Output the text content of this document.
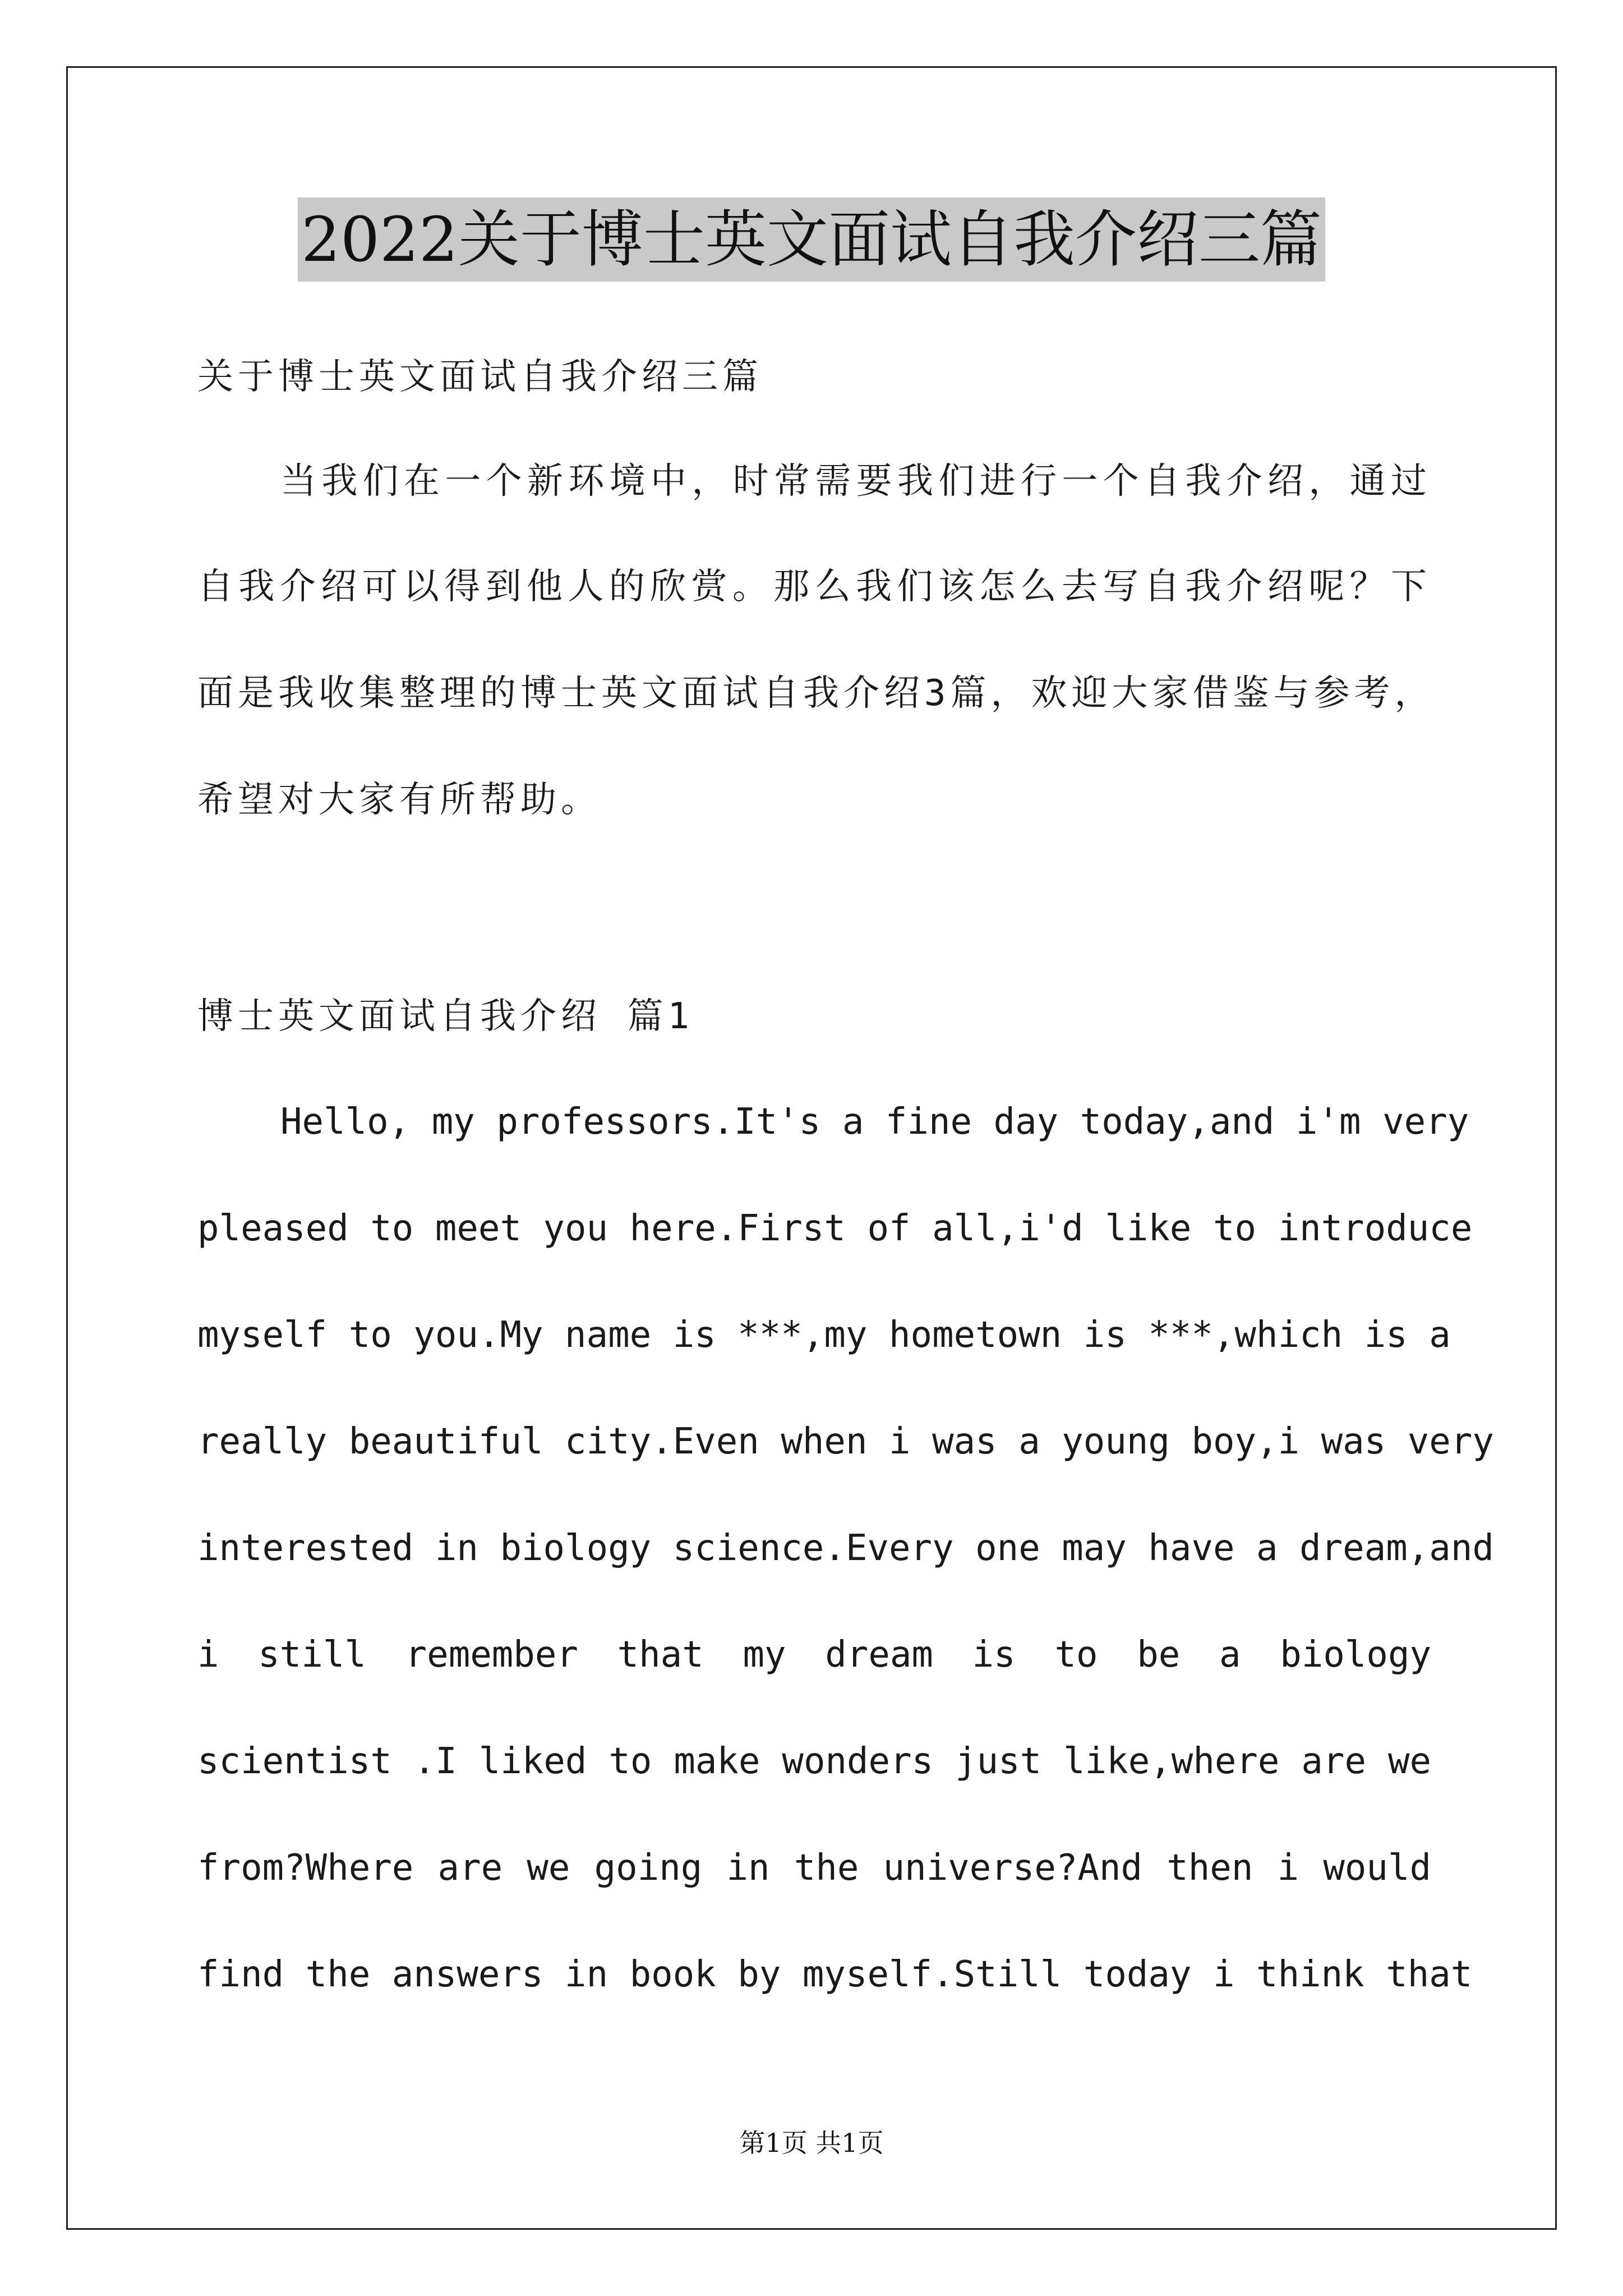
2022关于博士英文面试自我介绍三篇
关于博士英文面试自我介绍三篇
当我们在一个新环境中，时常需要我们进行一个自我介绍，通过
自我介绍可以得到他人的欣赏。那么我们该怎么去写自我介绍呢？下
面是我收集整理的博士英文面试自我介绍3篇，欢迎大家借鉴与参考，
希望对大家有所帮助。
博士英文面试自我介绍 篇1
Hello, my professors.It's a fine day today,and i'm very
pleased to meet you here.First of all,i'd like to introduce
myself to you.My name is ***,my hometown is ***,which is a
really beautiful city.Even when i was a young boy,i was very
interested in biology science.Every one may have a dream,and
i still remember that my dream is to be a biology
scientist .I liked to make wonders just like,where are we
from?Where are we going in the universe?And then i would
find the answers in book by myself.Still today i think that
第1页 共1页
